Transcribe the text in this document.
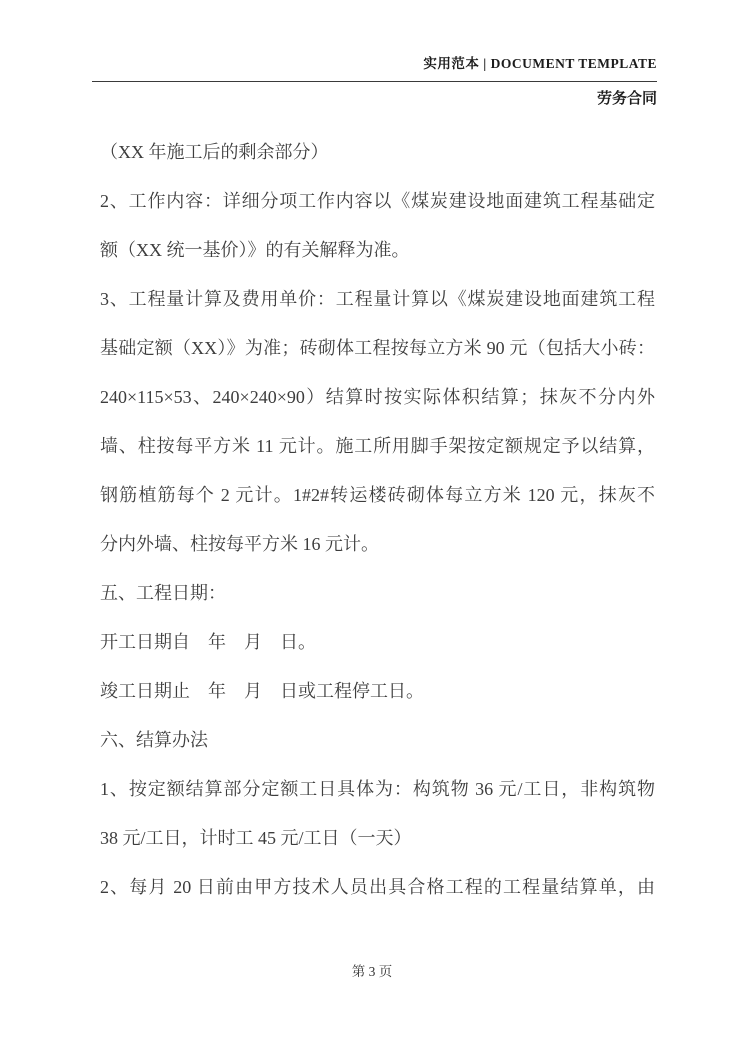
实用范本 | DOCUMENT TEMPLATE
劳务合同
（XX 年施工后的剩余部分）
2、工作内容：详细分项工作内容以《煤炭建设地面建筑工程基础定
额（XX 统一基价）》的有关解释为准。
3、工程量计算及费用单价：工程量计算以《煤炭建设地面建筑工程
基础定额（XX）》为准；砖砌体工程按每立方米 90 元（包括大小砖：
240×115×53、240×240×90）结算时按实际体积结算；抹灰不分内外
墙、柱按每平方米 11 元计。施工所用脚手架按定额规定予以结算，
钢筋植筋每个 2 元计。1#2#转运楼砖砌体每立方米 120 元，抹灰不
分内外墙、柱按每平方米 16 元计。
五、工程日期：
开工日期自　年　月　日。
竣工日期止　年　月　日或工程停工日。
六、结算办法
1、按定额结算部分定额工日具体为：构筑物 36 元/工日，非构筑物
38 元/工日，计时工 45 元/工日（一天）
2、每月 20 日前由甲方技术人员出具合格工程的工程量结算单，由
第 3 页
